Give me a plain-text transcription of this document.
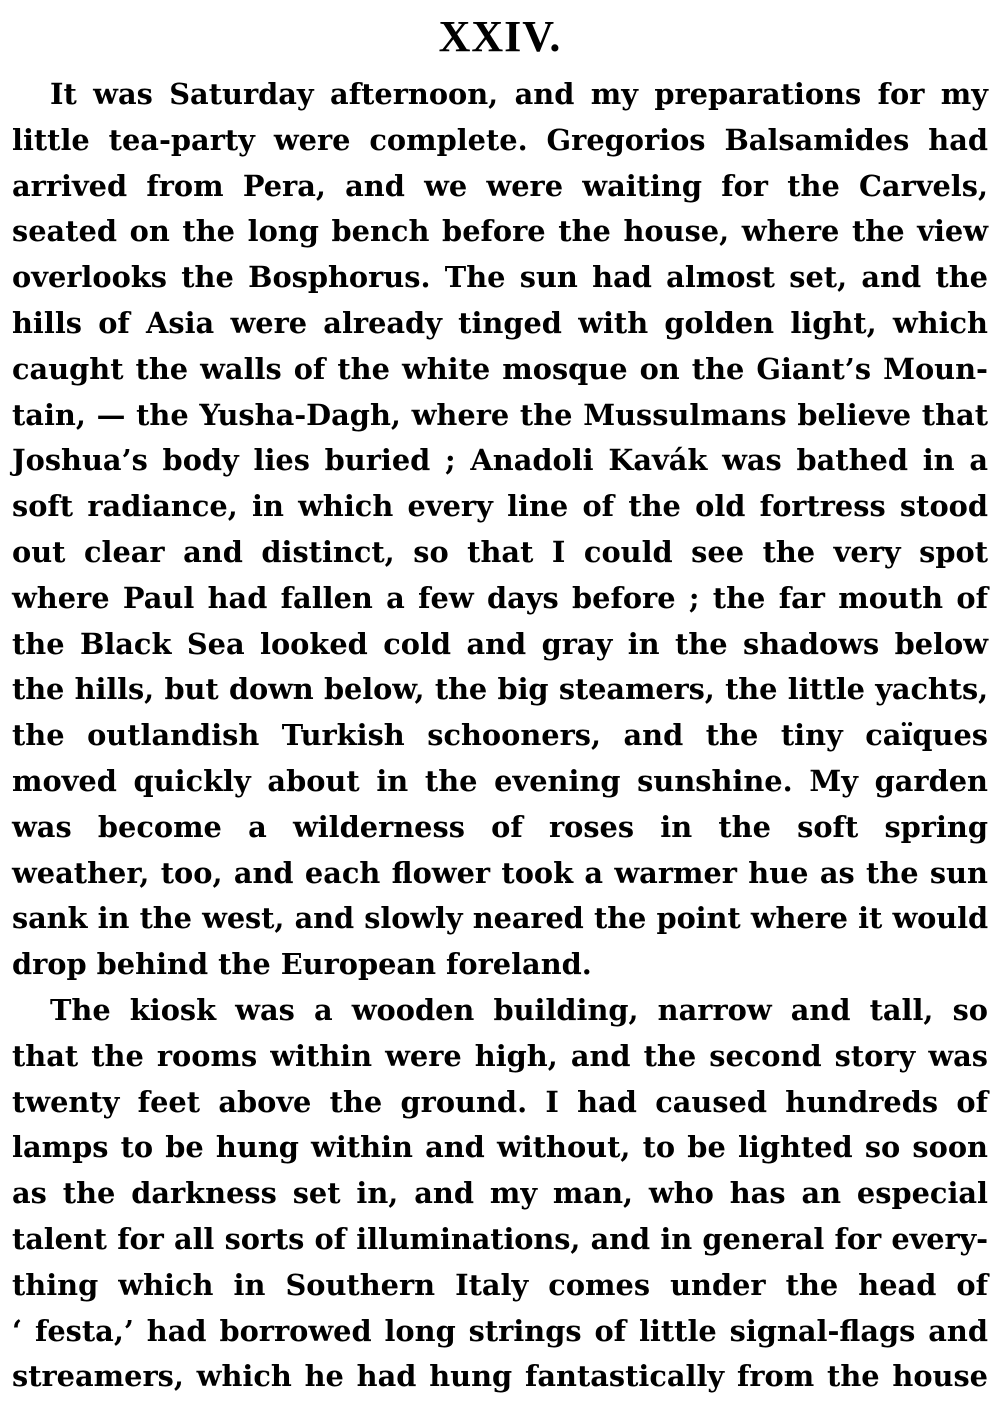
XXIV.
It was Saturday afternoon, and my preparations for my
little tea-party were complete. Gregorios Balsamides had
arrived from Pera, and we were waiting for the Carvels,
seated on the long bench before the house, where the view
overlooks the Bosphorus. The sun had almost set, and the
hills of Asia were already tinged with golden light, which
caught the walls of the white mosque on the Giant’s Moun-
tain, — the Yusha-Dagh, where the Mussulmans believe that
Joshua’s body lies buried ; Anadoli Kavák was bathed in a
soft radiance, in which every line of the old fortress stood
out clear and distinct, so that I could see the very spot
where Paul had fallen a few days before ; the far mouth of
the Black Sea looked cold and gray in the shadows below
the hills, but down below, the big steamers, the little yachts,
the outlandish Turkish schooners, and the tiny caïques
moved quickly about in the evening sunshine. My garden
was become a wilderness of roses in the soft spring
weather, too, and each flower took a warmer hue as the sun
sank in the west, and slowly neared the point where it would
drop behind the European foreland.
The kiosk was a wooden building, narrow and tall, so
that the rooms within were high, and the second story was
twenty feet above the ground. I had caused hundreds of
lamps to be hung within and without, to be lighted so soon
as the darkness set in, and my man, who has an especial
talent for all sorts of illuminations, and in general for every-
thing which in Southern Italy comes under the head of
‘ festa,’ had borrowed long strings of little signal-flags and
streamers, which he had hung fantastically from the house
